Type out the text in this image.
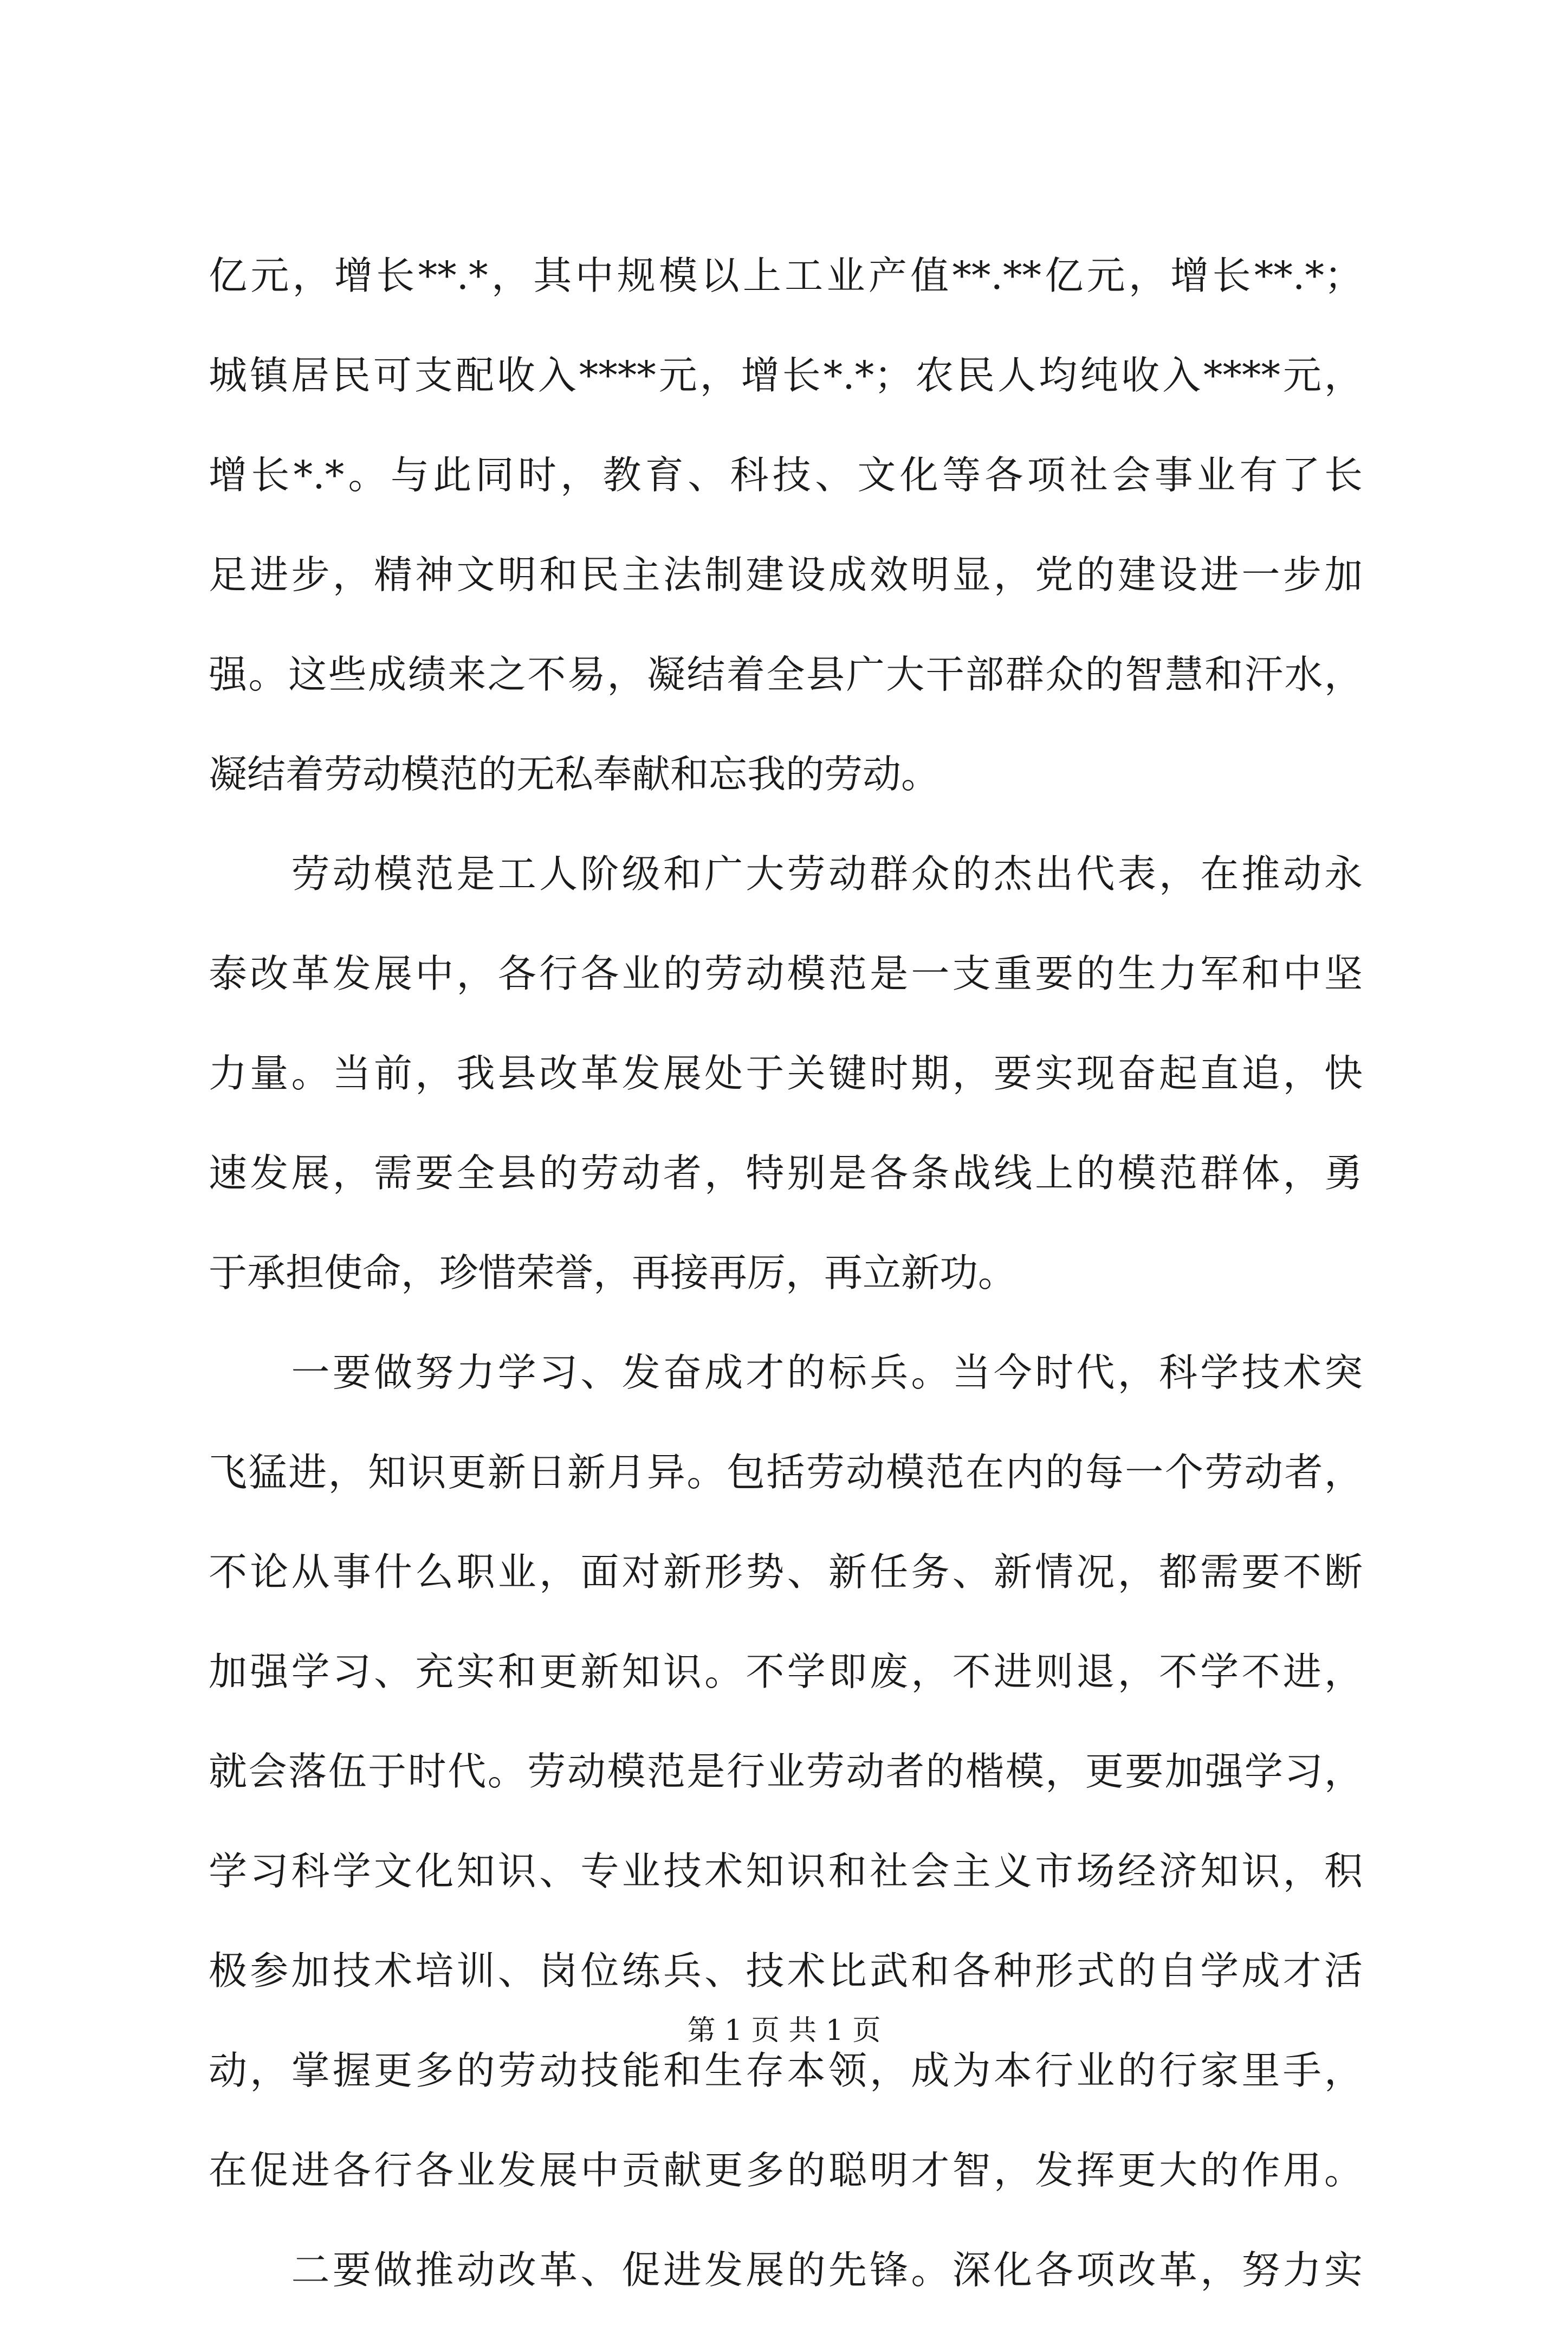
亿元，增长**.*，其中规模以上工业产值**.**亿元，增长**.*；
城镇居民可支配收入****元，增长*.*；农民人均纯收入****元，
增长*.*。与此同时，教育、科技、文化等各项社会事业有了长
足进步，精神文明和民主法制建设成效明显，党的建设进一步加
强。这些成绩来之不易，凝结着全县广大干部群众的智慧和汗水，
凝结着劳动模范的无私奉献和忘我的劳动。
　　劳动模范是工人阶级和广大劳动群众的杰出代表，在推动永
泰改革发展中，各行各业的劳动模范是一支重要的生力军和中坚
力量。当前，我县改革发展处于关键时期，要实现奋起直追，快
速发展，需要全县的劳动者，特别是各条战线上的模范群体，勇
于承担使命，珍惜荣誉，再接再厉，再立新功。
　　一要做努力学习、发奋成才的标兵。当今时代，科学技术突
飞猛进，知识更新日新月异。包括劳动模范在内的每一个劳动者，
不论从事什么职业，面对新形势、新任务、新情况，都需要不断
加强学习、充实和更新知识。不学即废，不进则退，不学不进，
就会落伍于时代。劳动模范是行业劳动者的楷模，更要加强学习，
学习科学文化知识、专业技术知识和社会主义市场经济知识，积
极参加技术培训、岗位练兵、技术比武和各种形式的自学成才活
动，掌握更多的劳动技能和生存本领，成为本行业的行家里手，
在促进各行各业发展中贡献更多的聪明才智，发挥更大的作用。
　　二要做推动改革、促进发展的先锋。深化各项改革，努力实
第 1 页 共 1 页
